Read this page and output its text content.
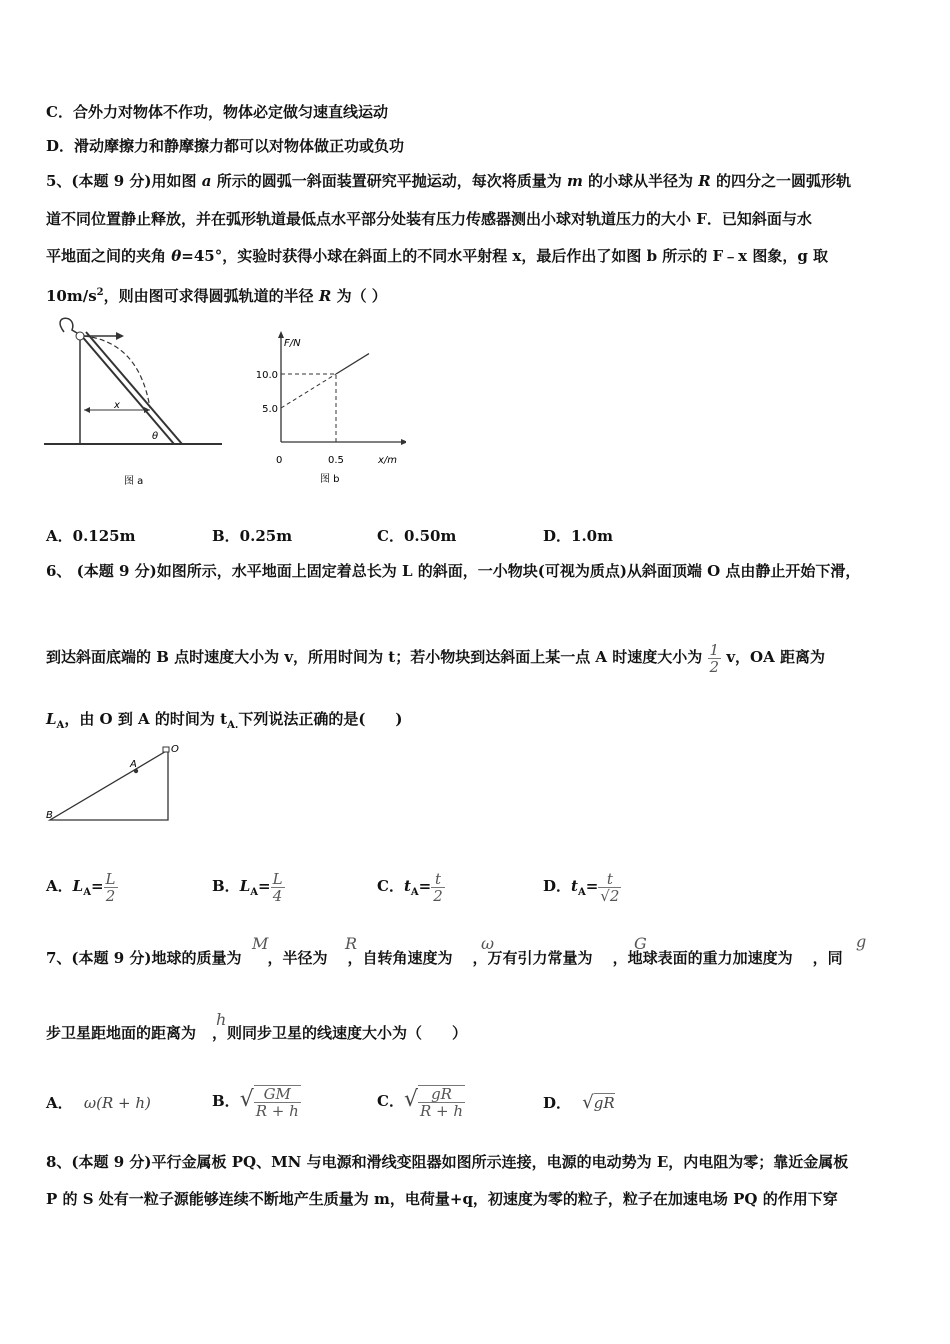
C．合外力对物体不作功，物体必定做匀速直线运动
D．滑动摩擦力和静摩擦力都可以对物体做正功或负功
5、(本题 9 分)用如图 a 所示的圆弧一斜面装置研究平抛运动，每次将质量为 m 的小球从半径为 R 的四分之一圆弧形轨
道不同位置静止释放，并在弧形轨道最低点水平部分处装有压力传感器测出小球对轨道压力的大小 F．已知斜面与水
平地面之间的夹角 θ=45°，实验时获得小球在斜面上的不同水平射程 x，最后作出了如图 b 所示的 F﹣x 图象，g 取
$10m/s^2$，则由图可求得圆弧轨道的半径 R 为（ ）
x
θ
图 a
F/N
x/m
0	0.5
5.0
10.0
图 b
A．0.125m	B．0.25m	C．0.50m	D．1.0m
6、 (本题 9 分)如图所示，水平地面上固定着总长为 L 的斜面，一小物块(可视为质点)从斜面顶端 O 点由静止开始下滑，
到达斜面底端的 B 点时速度大小为 v，所用时间为 t；若小物块到达斜面上某一点 A 时速度大小为 $\frac{1}{2}$ v，OA 距离为
$L_A$，由 O 到 A 的时间为 $t_{A.}$下列说法正确的是(　　)
A
B
O
A．$L_A= \frac{L}{2}$	B．$L_A= \frac{L}{4}$	C．$t_A= \frac{t}{2}$	D．$t_A= \frac{t}{√2}$
7、(本题 9 分)地球的质量为 ，半径为 ，自转角速度为 ，万有引力常量为 ，地球表面的重力加速度为 ，同
M	R	ω	G	g
步卫星距地面的距离为 ，则同步卫星的线速度大小为（　　）
h
A． ω(R + h)	B．√ $\frac{GM}{R + h}$	C．√ $\frac{gR}{R + h}$	D． √gR
8、(本题 9 分)平行金属板 PQ、MN 与电源和滑线变阻器如图所示连接，电源的电动势为 E，内电阻为零；靠近金属板
P 的 S 处有一粒子源能够连续不断地产生质量为 m，电荷量+q，初速度为零的粒子，粒子在加速电场 PQ 的作用下穿
